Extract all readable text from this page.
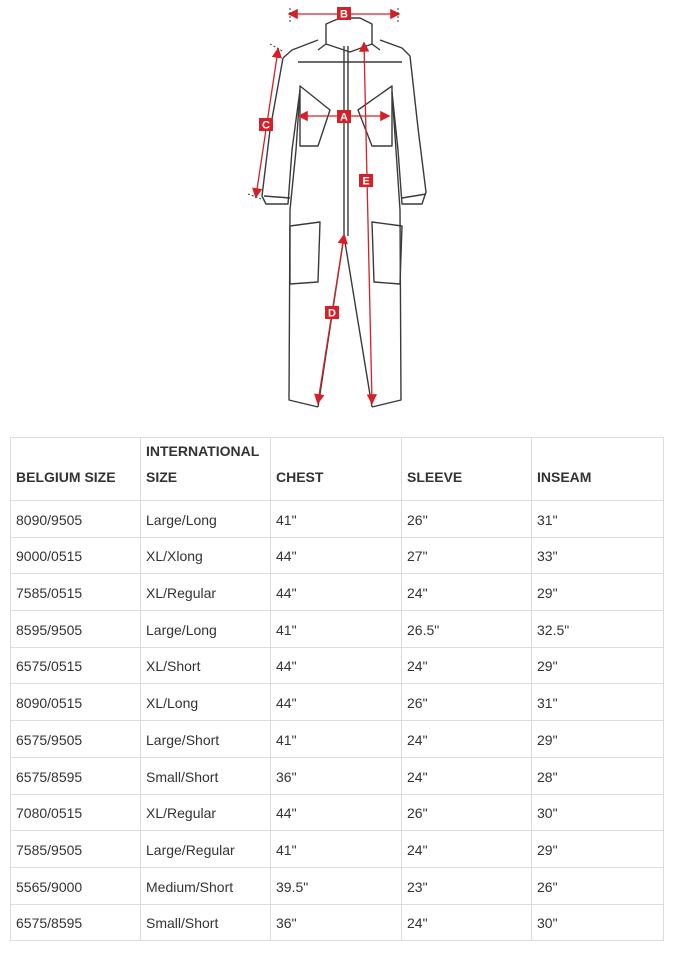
B
A
C
E
D
BELGIUM SIZE	INTERNATIONAL SIZE	CHEST	SLEEVE	INSEAM
8090/9505	Large/Long	41"	26''	31"
9000/0515	XL/Xlong	44"	27"	33"
7585/0515	XL/Regular	44"	24"	29"
8595/9505	Large/Long	41"	26.5"	32.5"
6575/0515	XL/Short	44"	24"	29"
8090/0515	XL/Long	44"	26"	31"
6575/9505	Large/Short	41"	24"	29"
6575/8595	Small/Short	36"	24"	28"
7080/0515	XL/Regular	44"	26"	30"
7585/9505	Large/Regular	41"	24"	29"
5565/9000	Medium/Short	39.5"	23"	26"
6575/8595	Small/Short	36"	24"	30"
